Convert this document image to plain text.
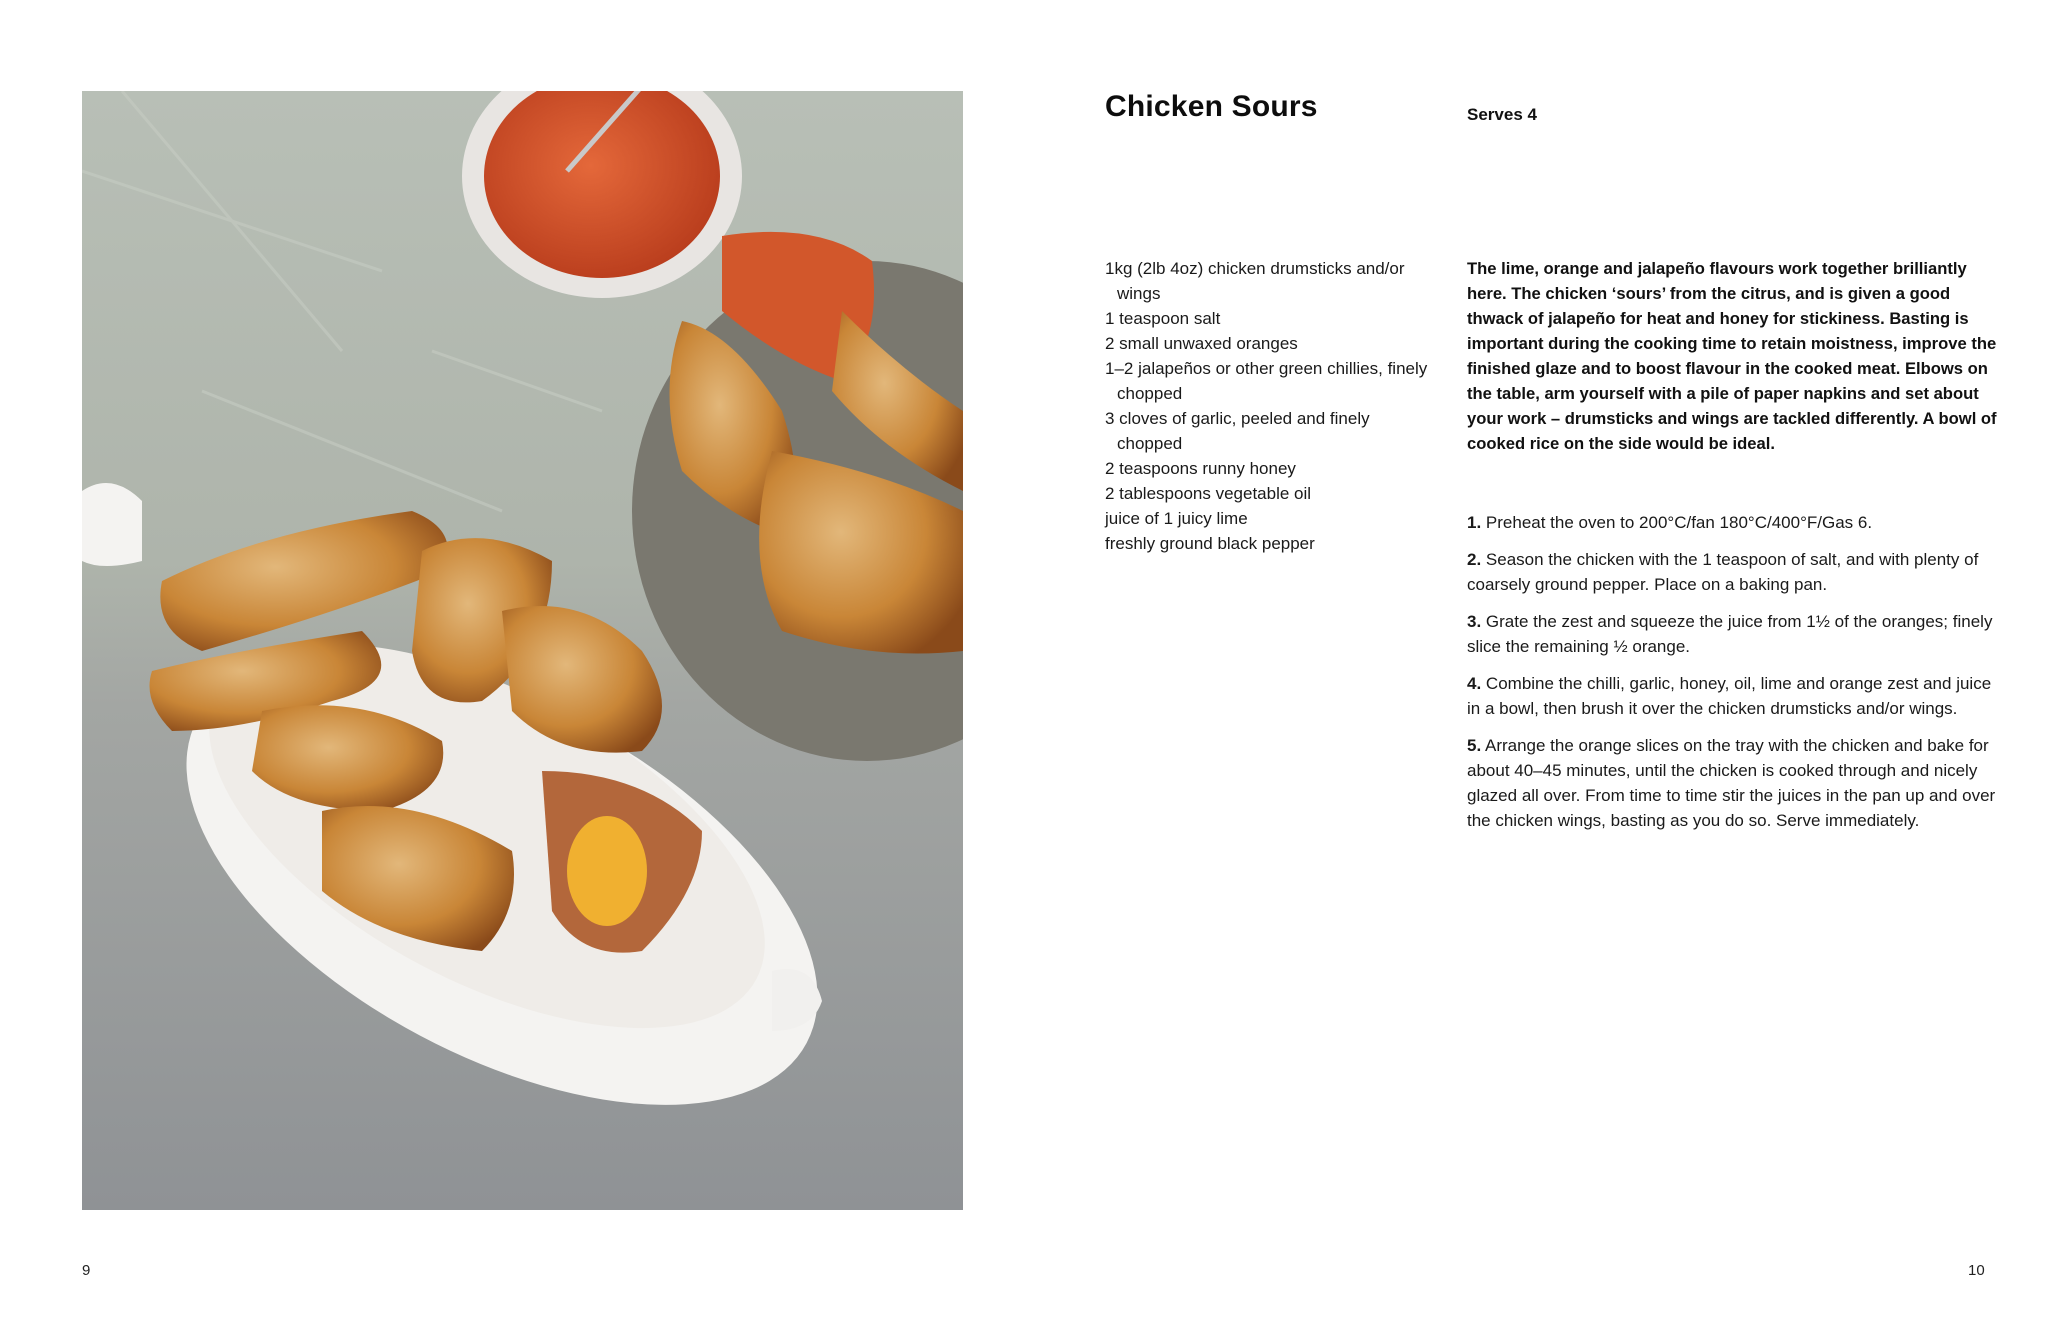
9
Chicken Sours	Serves 4
1kg (2lb 4oz) chicken drumsticks and/or wings
1 teaspoon salt
2 small unwaxed oranges
1–2 jalapeños or other green chillies, finely chopped
3 cloves of garlic, peeled and finely chopped
2 teaspoons runny honey
2 tablespoons vegetable oil
juice of 1 juicy lime
freshly ground black pepper

The lime, orange and jalapeño flavours work together brilliantly here. The chicken ‘sours’ from the citrus, and is given a good thwack of jalapeño for heat and honey for stickiness. Basting is important during the cooking time to retain moistness, improve the finished glaze and to boost flavour in the cooked meat. Elbows on the table, arm yourself with a pile of paper napkins and set about your work – drumsticks and wings are tackled differently. A bowl of cooked rice on the side would be ideal.

1. Preheat the oven to 200°C/fan 180°C/400°F/Gas 6.
2. Season the chicken with the 1 teaspoon of salt, and with plenty of coarsely ground pepper. Place on a baking pan.
3. Grate the zest and squeeze the juice from 1½ of the oranges; finely slice the remaining ½ orange.
4. Combine the chilli, garlic, honey, oil, lime and orange zest and juice in a bowl, then brush it over the chicken drumsticks and/or wings.
5. Arrange the orange slices on the tray with the chicken and bake for about 40–45 minutes, until the chicken is cooked through and nicely glazed all over. From time to time stir the juices in the pan up and over the chicken wings, basting as you do so. Serve immediately.
10
